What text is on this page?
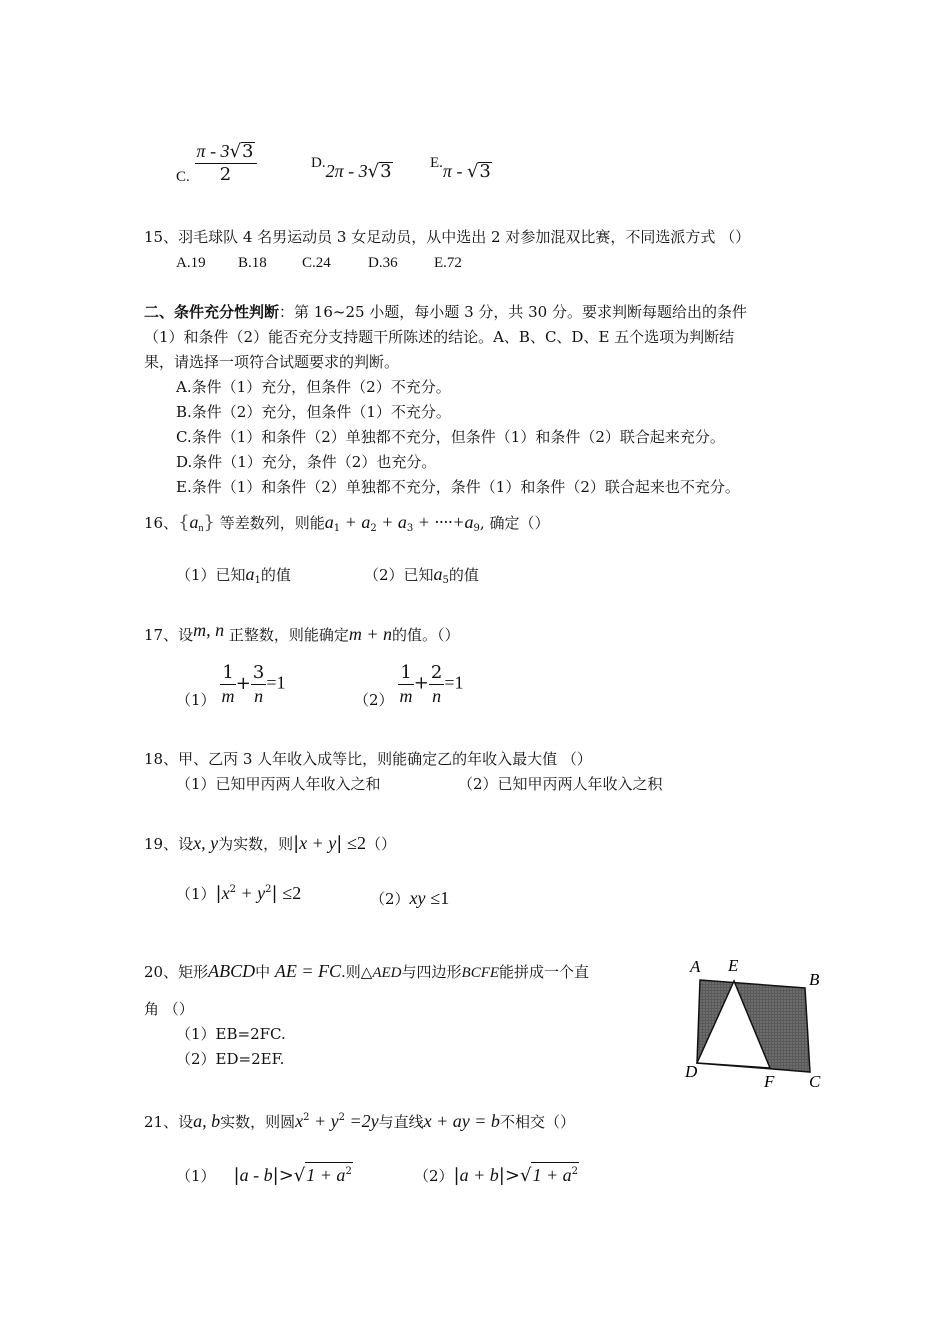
C. $\frac{\pi - 3√3}{2}$	D.2π - 3√3	E.π - √3
15、羽毛球队 4 名男运动员 3 女足动员，从中选出 2 对参加混双比赛，不同选派方式 （）
A.19 B.18 C.24 D.36 E.72
二、条件充分性判断：第 16~25 小题，每小题 3 分，共 30 分。要求判断每题给出的条件
（1）和条件（2）能否充分支持题干所陈述的结论。A、B、C、D、E 五个选项为判断结
果，请选择一项符合试题要求的判断。
A.条件（1）充分，但条件（2）不充分。
B.条件（2）充分，但条件（1）不充分。
C.条件（1）和条件（2）单独都不充分，但条件（1）和条件（2）联合起来充分。
D.条件（1）充分，条件（2）也充分。
E.条件（1）和条件（2）单独都不充分，条件（1）和条件（2）联合起来也不充分。
16、$\{a_n\}$ 等差数列，则能$a_1 + a_2 + a_3 + \cdot\cdot\cdot\cdot+a_9$, 确定（）
（1）已知$a_1$的值	（2）已知$a_5$的值
17、设m, n 正整数，则能确定m + n的值。（）
$(1) \frac{1}{m} + \frac{3}{n} =1$
$(2) \frac{1}{m} + \frac{2}{n} =1$
18、甲、乙丙 3 人年收入成等比，则能确定乙的年收入最大值 （）
（1）已知甲丙两人年收入之和	（2）已知甲丙两人年收入之积
19、设x, y为实数，则|x + y| ≤2（）
$(1)|x^2 + y^2| \le 2$	（2）xy ≤1
20、矩形ABCD中 AE = FC.则△AED与四边形BCFE能拼成一个直
角 （）
（1）EB=2FC.
（2）ED=2EF.
A E
B
D
F C
21、设a, b实数，则圆$x^2 + y^2 =2y$与直线x + ay = b不相交（）
（1） $|a - b|>√1 + a^2$	$(2)|a + b|>√1 + a^2$
